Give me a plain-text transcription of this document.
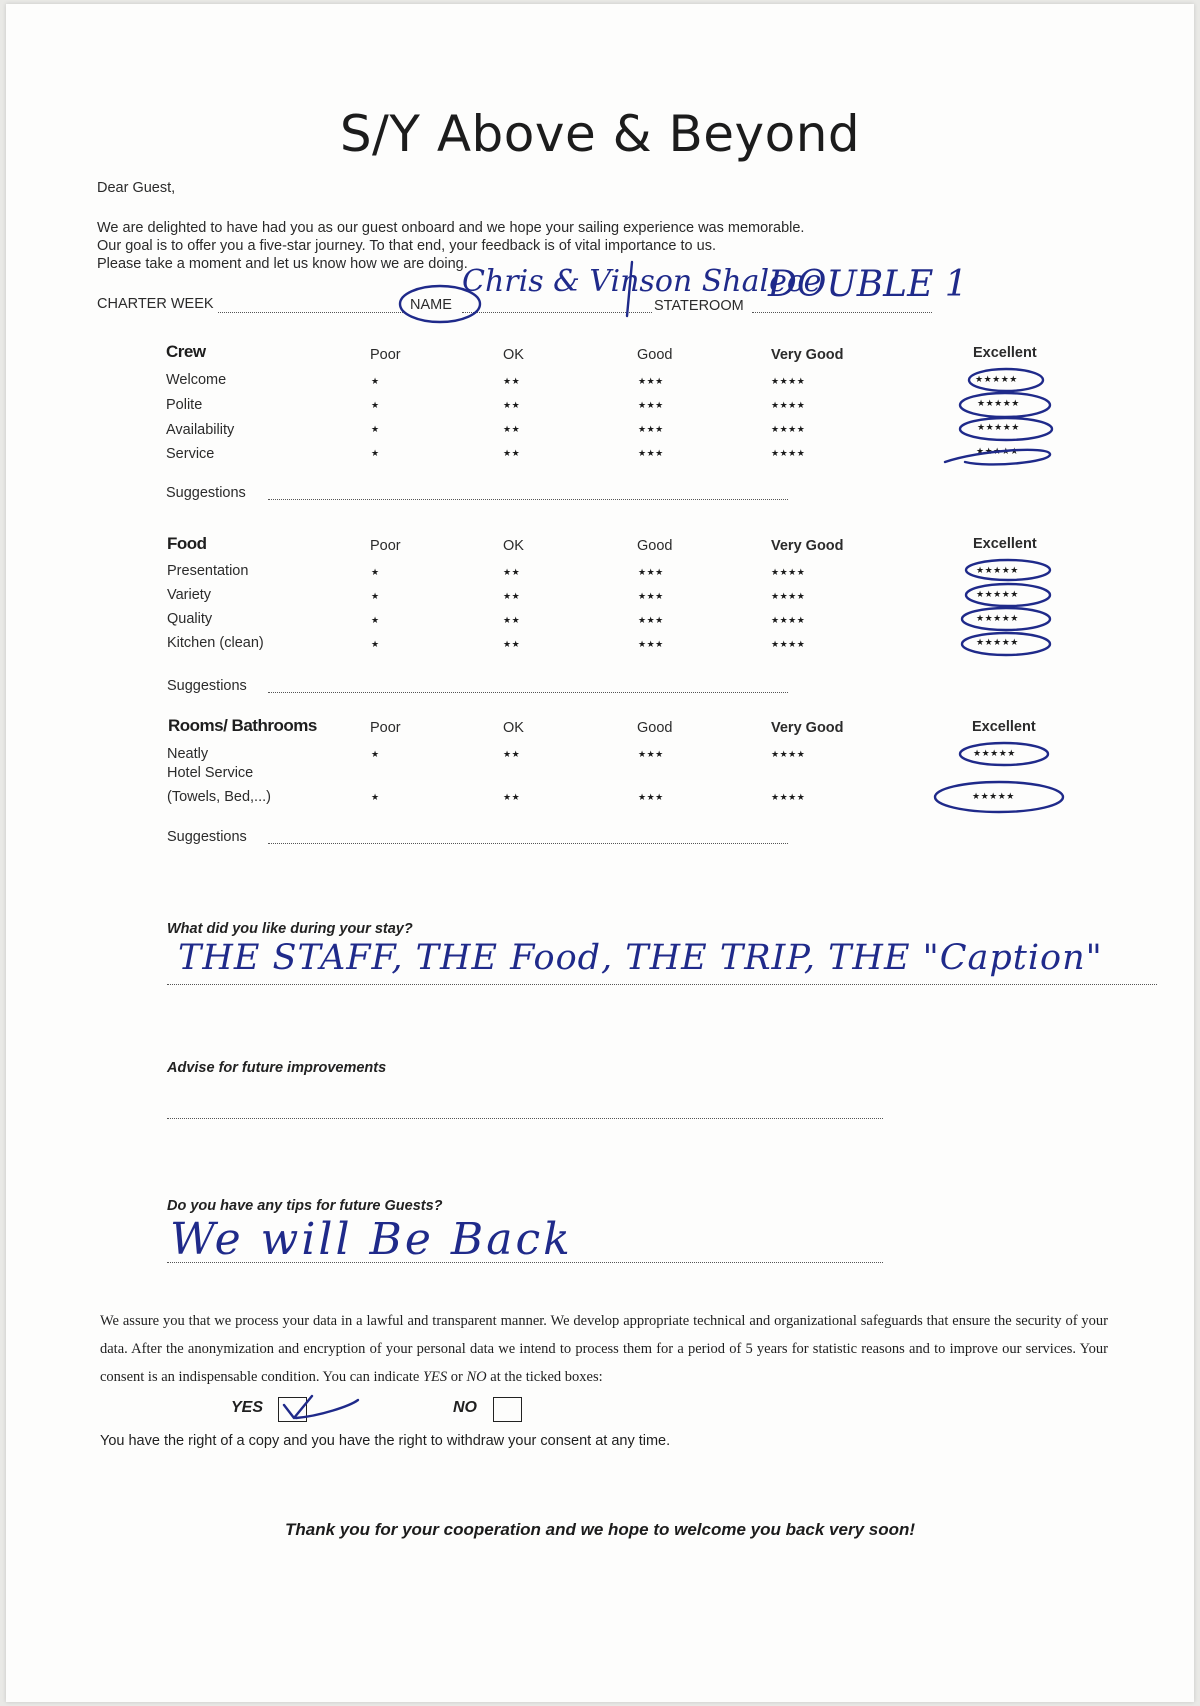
S/Y Above & Beyond
Dear Guest,
We are delighted to have had you as our guest onboard and we hope your sailing experience was memorable.
Our goal is to offer you a five-star journey. To that end, your feedback is of vital importance to us.
Please take a moment and let us know how we are doing.
CHARTER WEEK	NAME	STATEROOM
Chris & Vinson Shalece
DOUBLE 1
Crew	Poor	OK	Good	Very Good	Excellent
Welcome	★	★★	★★★	★★★★	★★★★★
Polite	★	★★	★★★	★★★★	★★★★★
Availability	★	★★	★★★	★★★★	★★★★★
Service	★	★★	★★★	★★★★	★★★★★
Suggestions
Food	Poor	OK	Good	Very Good	Excellent
Presentation	★	★★	★★★	★★★★	★★★★★
Variety	★	★★	★★★	★★★★	★★★★★
Quality	★	★★	★★★	★★★★	★★★★★
Kitchen (clean)	★	★★	★★★	★★★★	★★★★★
Suggestions
Rooms/ Bathrooms	Poor	OK	Good	Very Good	Excellent
Neatly	★	★★	★★★	★★★★	★★★★★
Hotel Service
(Towels, Bed,...)	★	★★	★★★	★★★★	★★★★★
Suggestions
What did you like during your stay?
THE STAFF, THE Food, THE TRIP, THE "Caption"
Advise for future improvements
Do you have any tips for future Guests?
We will Be Back
We assure you that we process your data in a lawful and transparent manner. We develop appropriate technical and organizational safeguards that ensure the security of your data. After the anonymization and encryption of your personal data we intend to process them for a period of 5 years for statistic reasons and to improve our services. Your consent is an indispensable condition. You can indicate YES or NO at the ticked boxes:
YES	NO
You have the right of a copy and you have the right to withdraw your consent at any time.
Thank you for your cooperation and we hope to welcome you back very soon!
